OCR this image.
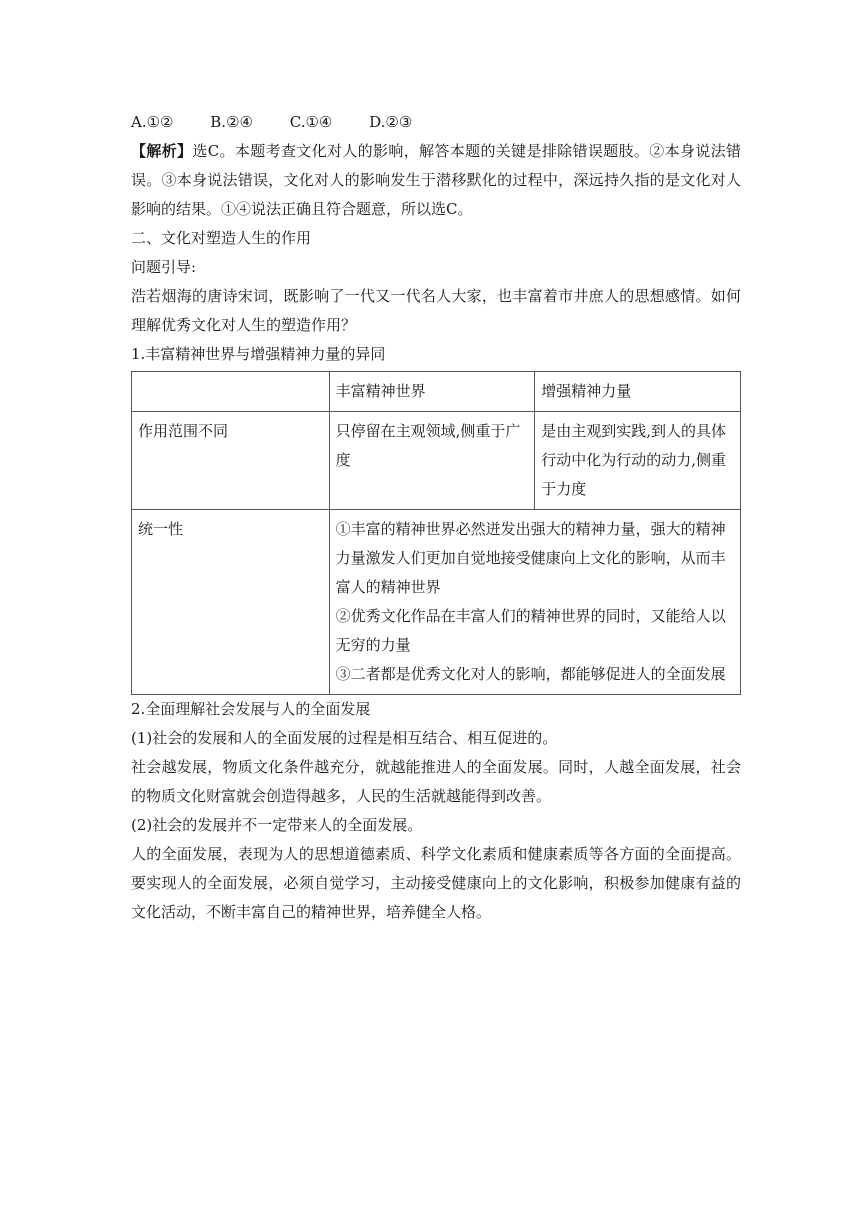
A.①② B.②④ C.①④ D.②③

【解析】选C。本题考查文化对人的影响，解答本题的关键是排除错误题肢。②本身说法错误。③本身说法错误，文化对人的影响发生于潜移默化的过程中，深远持久指的是文化对人影响的结果。①④说法正确且符合题意，所以选C。

二、文化对塑造人生的作用

问题引导:

浩若烟海的唐诗宋词，既影响了一代又一代名人大家，也丰富着市井庶人的思想感情。如何理解优秀文化对人生的塑造作用？

1.丰富精神世界与增强精神力量的异同

	丰富精神世界	增强精神力量
作用范围不同	只停留在主观领域,侧重于广度	是由主观到实践,到人的具体行动中化为行动的动力,侧重于力度
统一性	①丰富的精神世界必然迸发出强大的精神力量，强大的精神力量激发人们更加自觉地接受健康向上文化的影响，从而丰富人的精神世界
②优秀文化作品在丰富人们的精神世界的同时，又能给人以无穷的力量
③二者都是优秀文化对人的影响，都能够促进人的全面发展	

2.全面理解社会发展与人的全面发展

(1)社会的发展和人的全面发展的过程是相互结合、相互促进的。

社会越发展，物质文化条件越充分，就越能推进人的全面发展。同时，人越全面发展，社会的物质文化财富就会创造得越多，人民的生活就越能得到改善。

(2)社会的发展并不一定带来人的全面发展。

人的全面发展，表现为人的思想道德素质、科学文化素质和健康素质等各方面的全面提高。要实现人的全面发展，必须自觉学习，主动接受健康向上的文化影响，积极参加健康有益的文化活动，不断丰富自己的精神世界，培养健全人格。
